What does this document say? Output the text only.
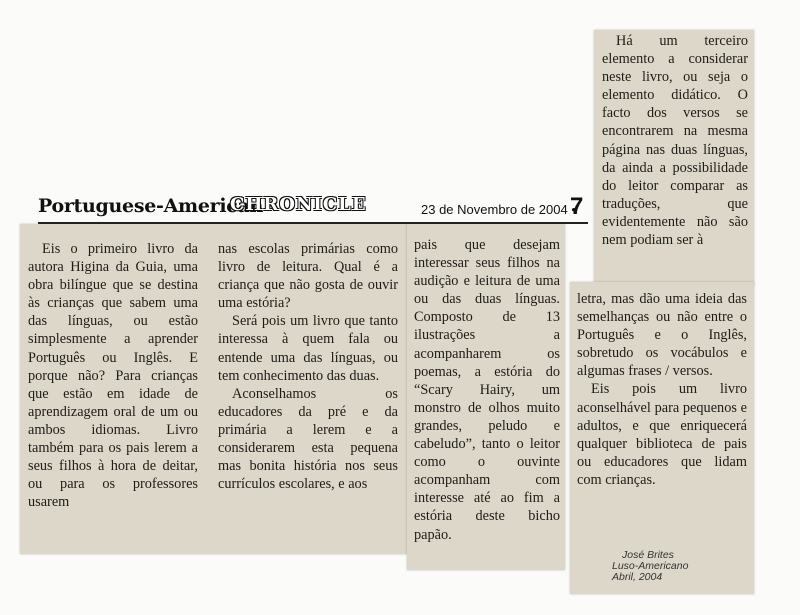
Portuguese-American
CHRONICLE	23 de Novembro de 2004 •
7

Eis o primeiro livro da autora Higina da Guia, uma obra bilíngue que se destina às crianças que sabem uma das línguas, ou estão simplesmente a aprender Português ou Inglês. E porque não? Para crianças que estão em idade de aprendizagem oral de um ou ambos idiomas. Livro também para os pais lerem a seus filhos à hora de deitar, ou para os professores usarem

nas escolas primárias como livro de leitura. Qual é a criança que não gosta de ouvir uma estória?

Será pois um livro que tanto interessa à quem fala ou entende uma das línguas, ou tem conhecimento das duas.

Aconselhamos os educadores da pré e da primária a lerem e a considerarem esta pequena mas bonita história nos seus currículos escolares, e aos

pais que desejam interessar seus filhos na audição e leitura de uma ou das duas línguas. Composto de 13 ilustrações a acompanharem os poemas, a estória do “Scary Hairy, um monstro de olhos muito grandes, peludo e cabeludo”, tanto o leitor como o ouvinte acompanham com interesse até ao fim a estória deste bicho papão.

Há um terceiro elemento a considerar neste livro, ou seja o elemento didático. O facto dos versos se encontrarem na mesma página nas duas línguas, da ainda a possibilidade do leitor comparar as traduções, que evidentemente não são nem podiam ser à

letra, mas dão uma ideia das semelhanças ou não entre o Português e o Inglês, sobretudo os vocábulos e algumas frases / versos.

Eis pois um livro aconselhável para pequenos e adultos, e que enriquecerá qualquer biblioteca de pais ou educadores que lidam com crianças.

José Brites
Luso-Americano
Abril, 2004
